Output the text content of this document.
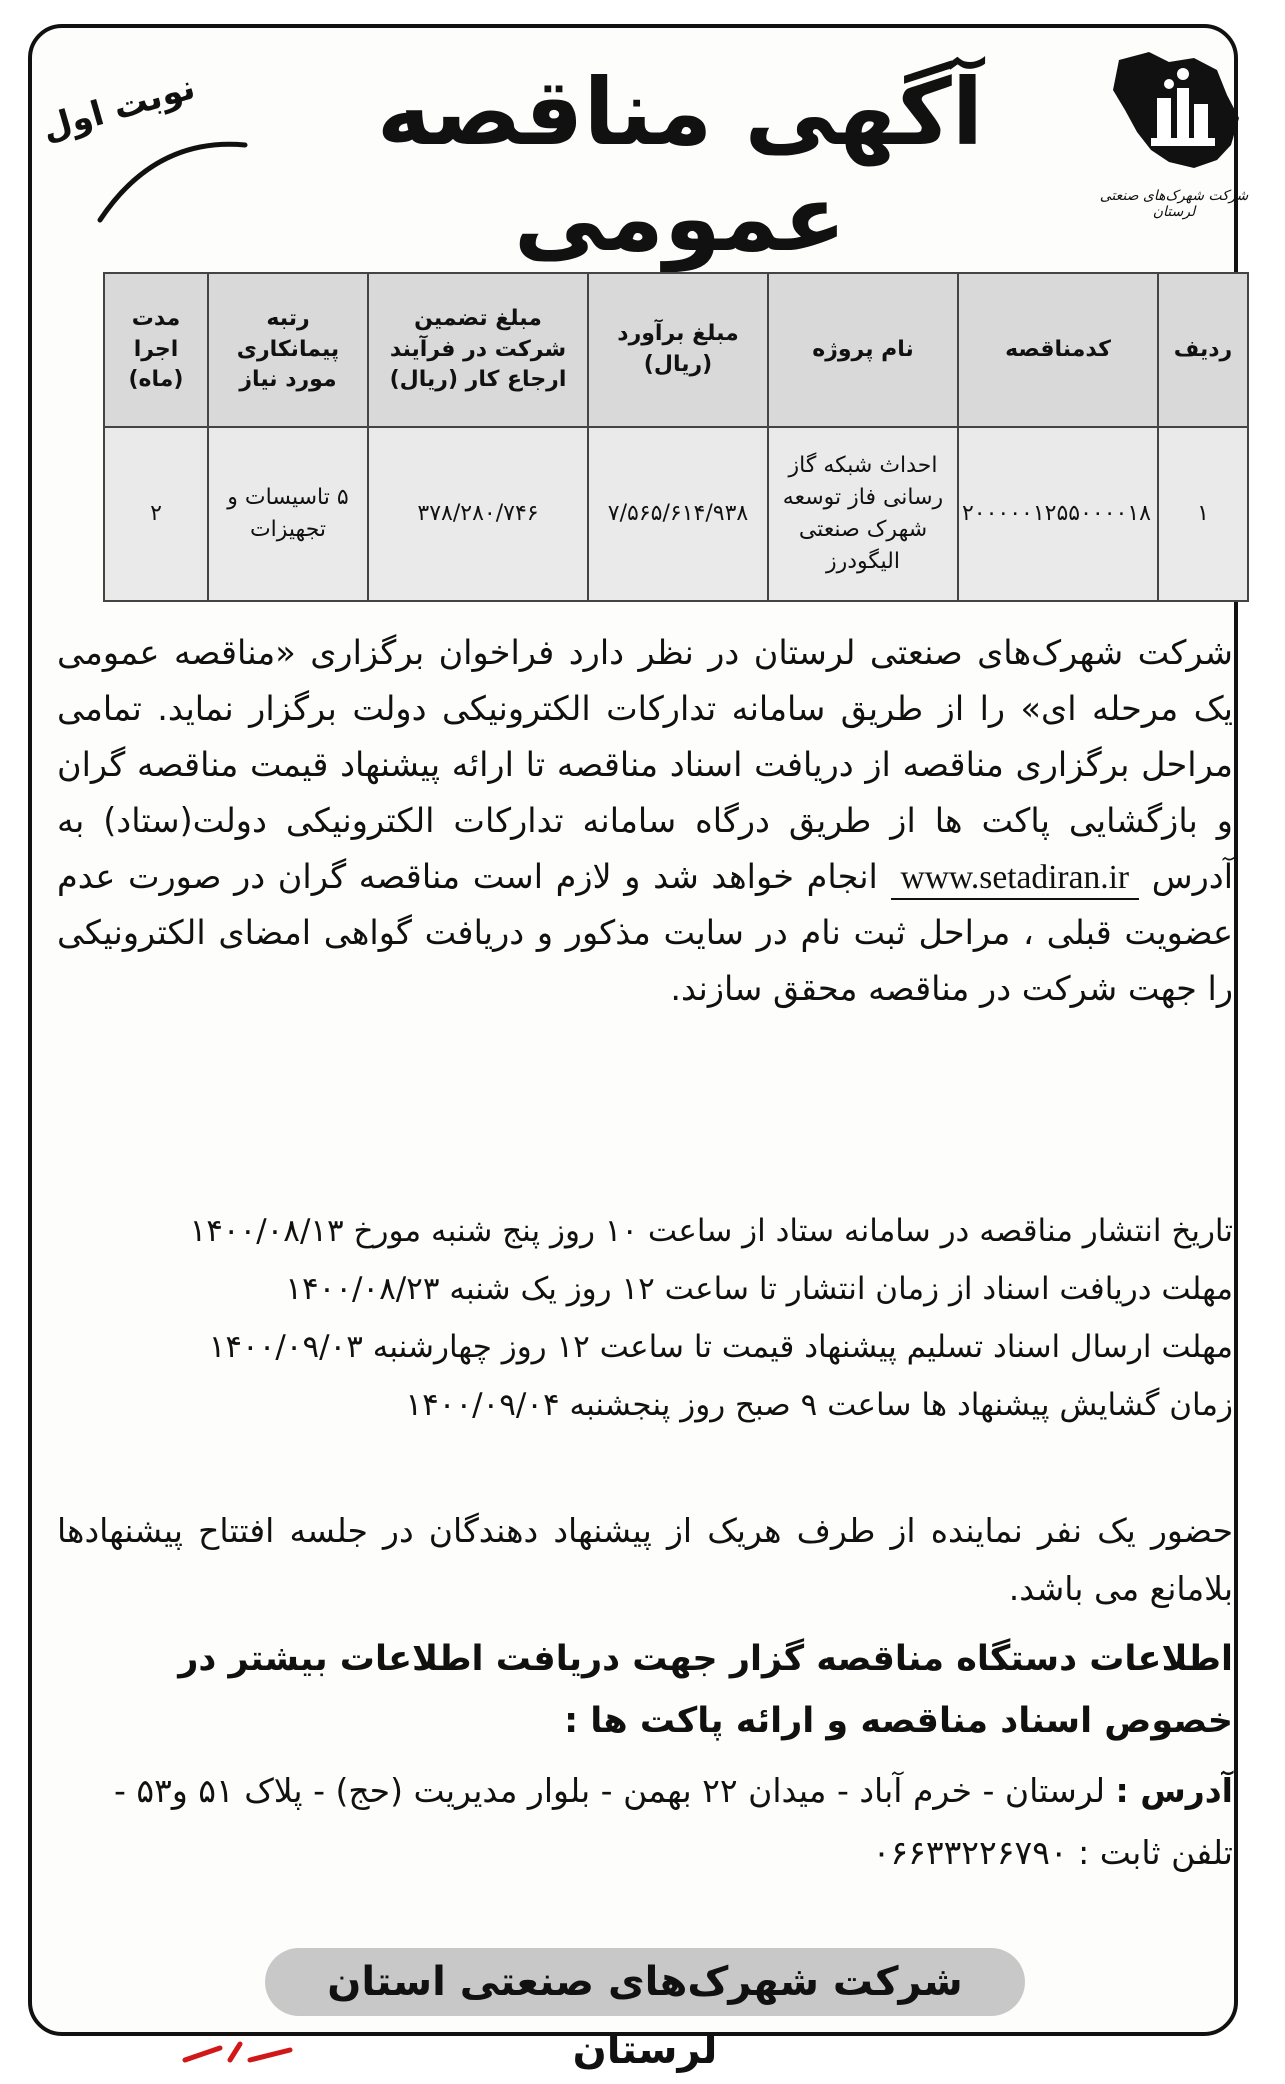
شرکت شهرک‌های صنعتی لرستان
آگهی مناقصه عمومی
نوبت اول
ردیف	کدمناقصه	نام پروژه	مبلغ برآورد (ریال)	مبلغ تضمین شرکت در فرآیند ارجاع کار (ریال)	رتبه پیمانکاری مورد نیاز	مدت اجرا (ماه)
۱	۲۰۰۰۰۰۱۲۵۵۰۰۰۰۱۸	احداث شبکه گاز رسانی فاز توسعه شهرک صنعتی الیگودرز	۷/۵۶۵/۶۱۴/۹۳۸	۳۷۸/۲۸۰/۷۴۶	۵ تاسیسات و تجهیزات	۲

شرکت شهرک‌های صنعتی لرستان در نظر دارد فراخوان برگزاری «مناقصه عمومی یک مرحله ای» را از طریق سامانه تدارکات الکترونیکی دولت برگزار نماید. تمامی مراحل برگزاری مناقصه از دریافت اسناد مناقصه تا ارائه پیشنهاد قیمت مناقصه گران و بازگشایی پاکت ها از طریق درگاه سامانه تدارکات الکترونیکی دولت(ستاد) به آدرس www.setadiran.ir انجام خواهد شد و لازم است مناقصه گران در صورت عدم عضویت قبلی ، مراحل ثبت نام در سایت مذکور و دریافت گواهی امضای الکترونیکی را جهت شرکت در مناقصه محقق سازند.

تاریخ انتشار مناقصه در سامانه ستاد از ساعت ۱۰ روز پنج شنبه مورخ ۱۴۰۰/۰۸/۱۳

مهلت دریافت اسناد از زمان انتشار تا ساعت ۱۲ روز یک شنبه ۱۴۰۰/۰۸/۲۳

مهلت ارسال اسناد تسلیم پیشنهاد قیمت تا ساعت ۱۲ روز چهارشنبه ۱۴۰۰/۰۹/۰۳

زمان گشایش پیشنهاد ها ساعت ۹ صبح روز پنجشنبه ۱۴۰۰/۰۹/۰۴

حضور یک نفر نماینده از طرف هریک از پیشنهاد دهندگان در جلسه افتتاح پیشنهادها بلامانع می باشد.

اطلاعات دستگاه مناقصه گزار جهت دریافت اطلاعات بیشتر در خصوص اسناد مناقصه و ارائه پاکت ها :

آدرس : لرستان - خرم آباد - میدان ۲۲ بهمن - بلوار مدیریت (حج) - پلاک ۵۱ و۵۳ - تلفن ثابت : ۰۶۶۳۳۲۲۶۷۹۰

شرکت شهرک‌های صنعتی استان لرستان
